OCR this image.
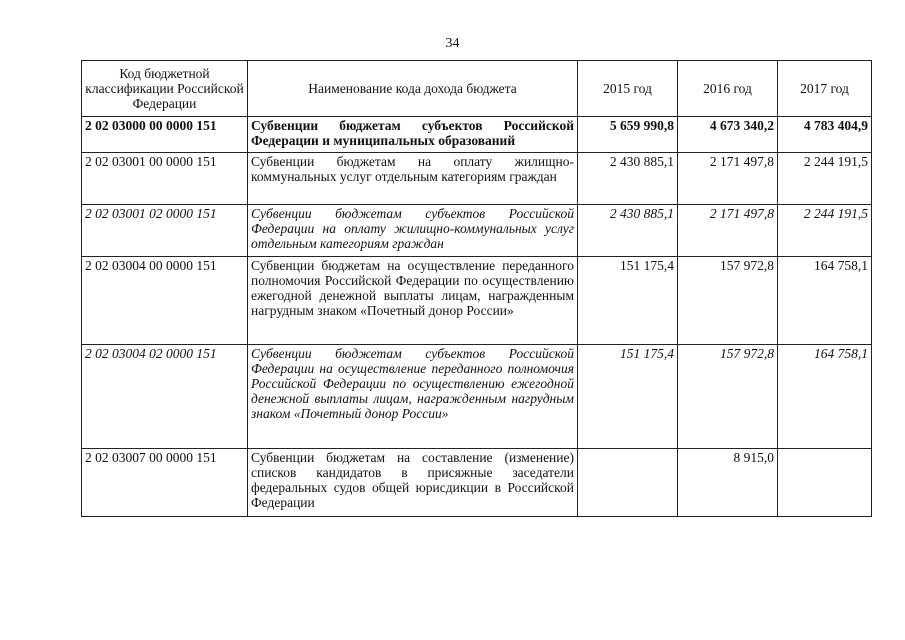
34
Код бюджетной классификации Российской Федерации	Наименование кода дохода бюджета	2015 год	2016 год	2017 год
2 02 03000 00 0000 151	Субвенции бюджетам субъектов Российской Федерации и муниципальных образований	5 659 990,8	4 673 340,2	4 783 404,9
2 02 03001 00 0000 151	Субвенции бюджетам на оплату жилищно-коммунальных услуг отдельным категориям граждан	2 430 885,1	2 171 497,8	2 244 191,5
2 02 03001 02 0000 151	Субвенции бюджетам субъектов Российской Федерации на оплату жилищно-коммунальных услуг отдельным категориям граждан	2 430 885,1	2 171 497,8	2 244 191,5
2 02 03004 00 0000 151	Субвенции бюджетам на осуществление переданного полномочия Российской Федерации по осуществлению ежегодной денежной выплаты лицам, награжденным нагрудным знаком «Почетный донор России»	151 175,4	157 972,8	164 758,1
2 02 03004 02 0000 151	Субвенции бюджетам субъектов Российской Федерации на осуществление переданного полномочия Российской Федерации по осуществлению ежегодной денежной выплаты лицам, награжденным нагрудным знаком «Почетный донор России»	151 175,4	157 972,8	164 758,1
2 02 03007 00 0000 151	Субвенции бюджетам на составление (изменение) списков кандидатов в присяжные заседатели федеральных судов общей юрисдикции в Российской Федерации		8 915,0	
